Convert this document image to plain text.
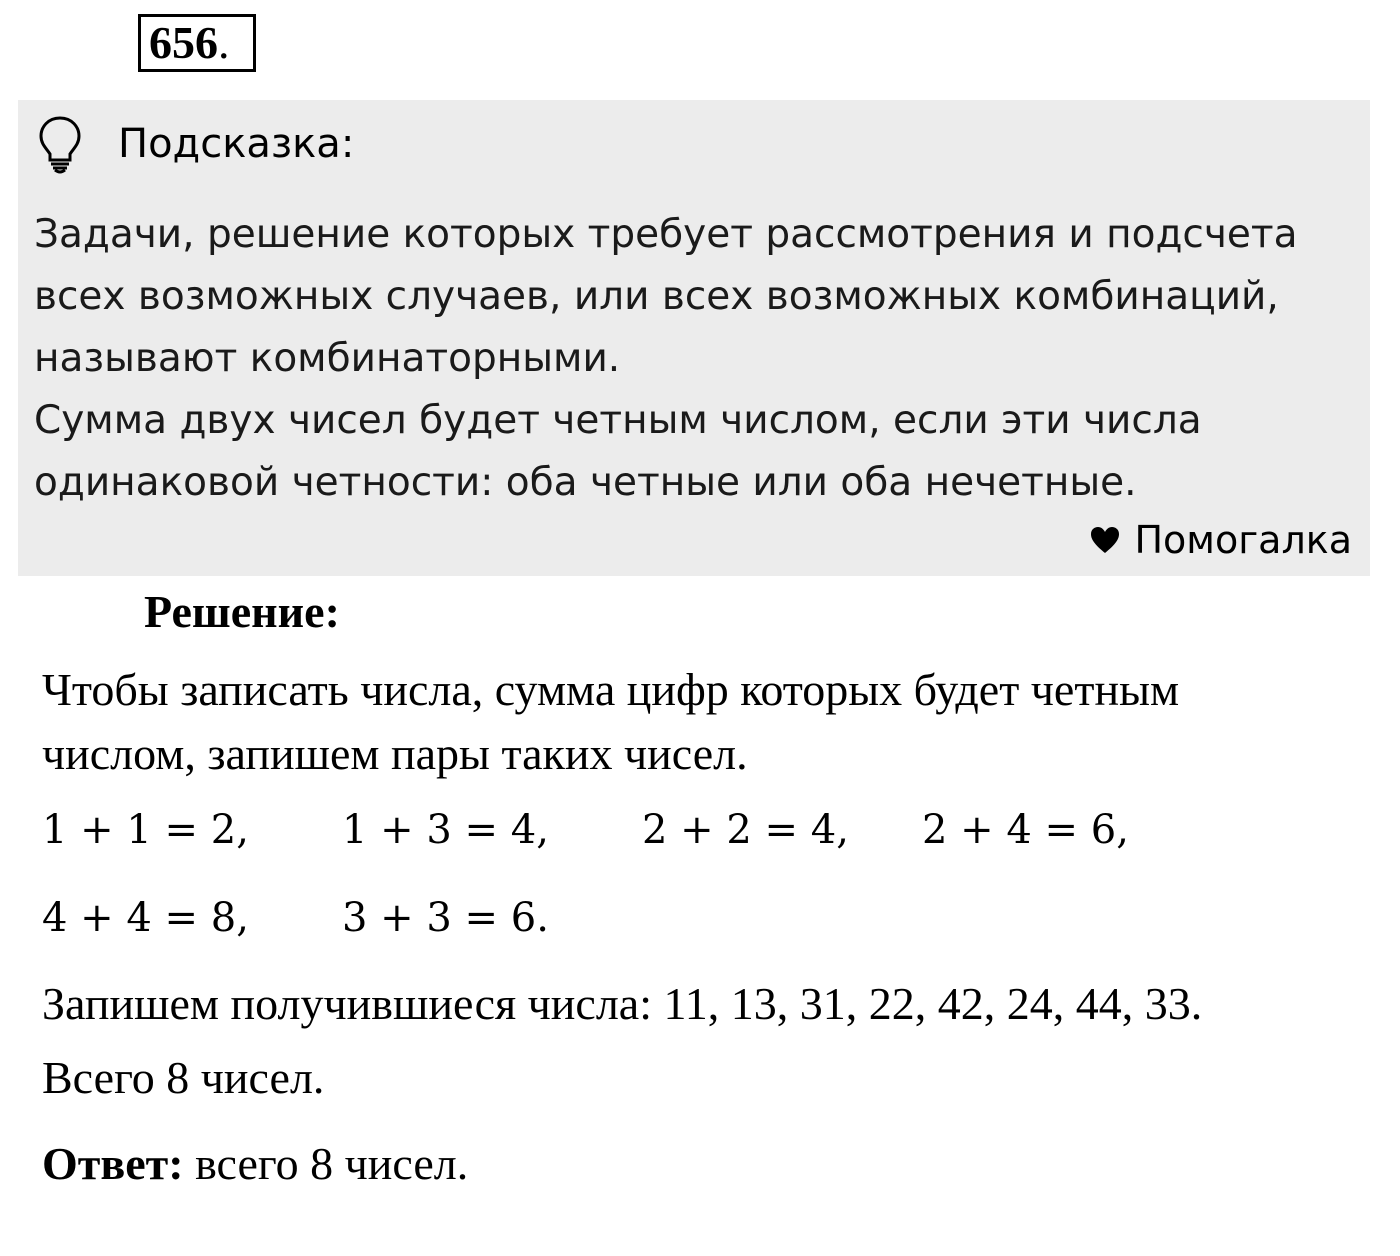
656.
Подсказка:
Задачи, решение которых требует рассмотрения и подсчета
всех возможных случаев, или всех возможных комбинаций,
называют комбинаторными.
Сумма двух чисел будет четным числом, если эти числа
одинаковой четности: оба четные или оба нечетные.
Помогалка
Решение:
Чтобы записать числа, сумма цифр которых будет четным
числом, запишем пары таких чисел.
1 + 1 = 2,	1 + 3 = 4,	2 + 2 = 4,	2 + 4 = 6,
4 + 4 = 8,	3 + 3 = 6.
Запишем получившиеся числа: 11, 13, 31, 22, 42, 24, 44, 33.
Всего 8 чисел.
Ответ: всего 8 чисел.
